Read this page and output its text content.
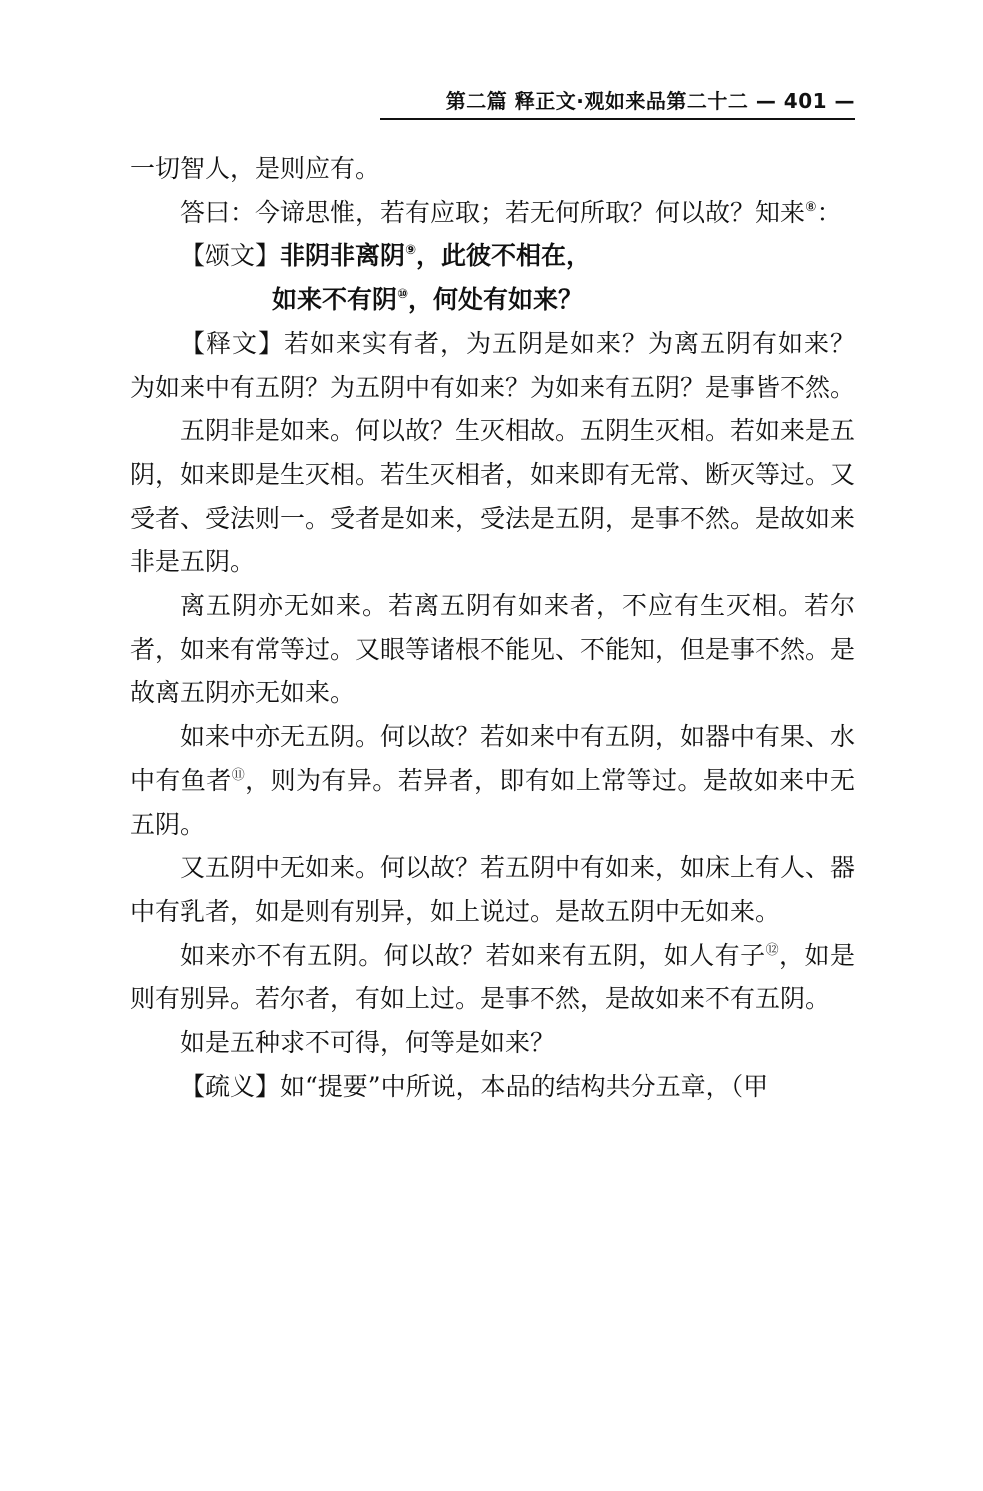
第二篇 释正文·观如来品第二十二 — 401 —

一切智人，是则应有。

答曰：今谛思惟，若有应取；若无何所取？何以故？知来⑧：

【颂文】非阴非离阴⑨，此彼不相在，

如来不有阴⑩，何处有如来？

【释文】若如来实有者，为五阴是如来？为离五阴有如来？为如来中有五阴？为五阴中有如来？为如来有五阴？是事皆不然。

五阴非是如来。何以故？生灭相故。五阴生灭相。若如来是五阴，如来即是生灭相。若生灭相者，如来即有无常、断灭等过。又受者、受法则一。受者是如来，受法是五阴，是事不然。是故如来非是五阴。

离五阴亦无如来。若离五阴有如来者，不应有生灭相。若尔者，如来有常等过。又眼等诸根不能见、不能知，但是事不然。是故离五阴亦无如来。

如来中亦无五阴。何以故？若如来中有五阴，如器中有果、水中有鱼者⑪，则为有异。若异者，即有如上常等过。是故如来中无五阴。

又五阴中无如来。何以故？若五阴中有如来，如床上有人、器中有乳者，如是则有别异，如上说过。是故五阴中无如来。

如来亦不有五阴。何以故？若如来有五阴，如人有子⑫，如是则有别异。若尔者，有如上过。是事不然，是故如来不有五阴。

如是五种求不可得，何等是如来？

【疏义】如“提要”中所说，本品的结构共分五章，（甲
